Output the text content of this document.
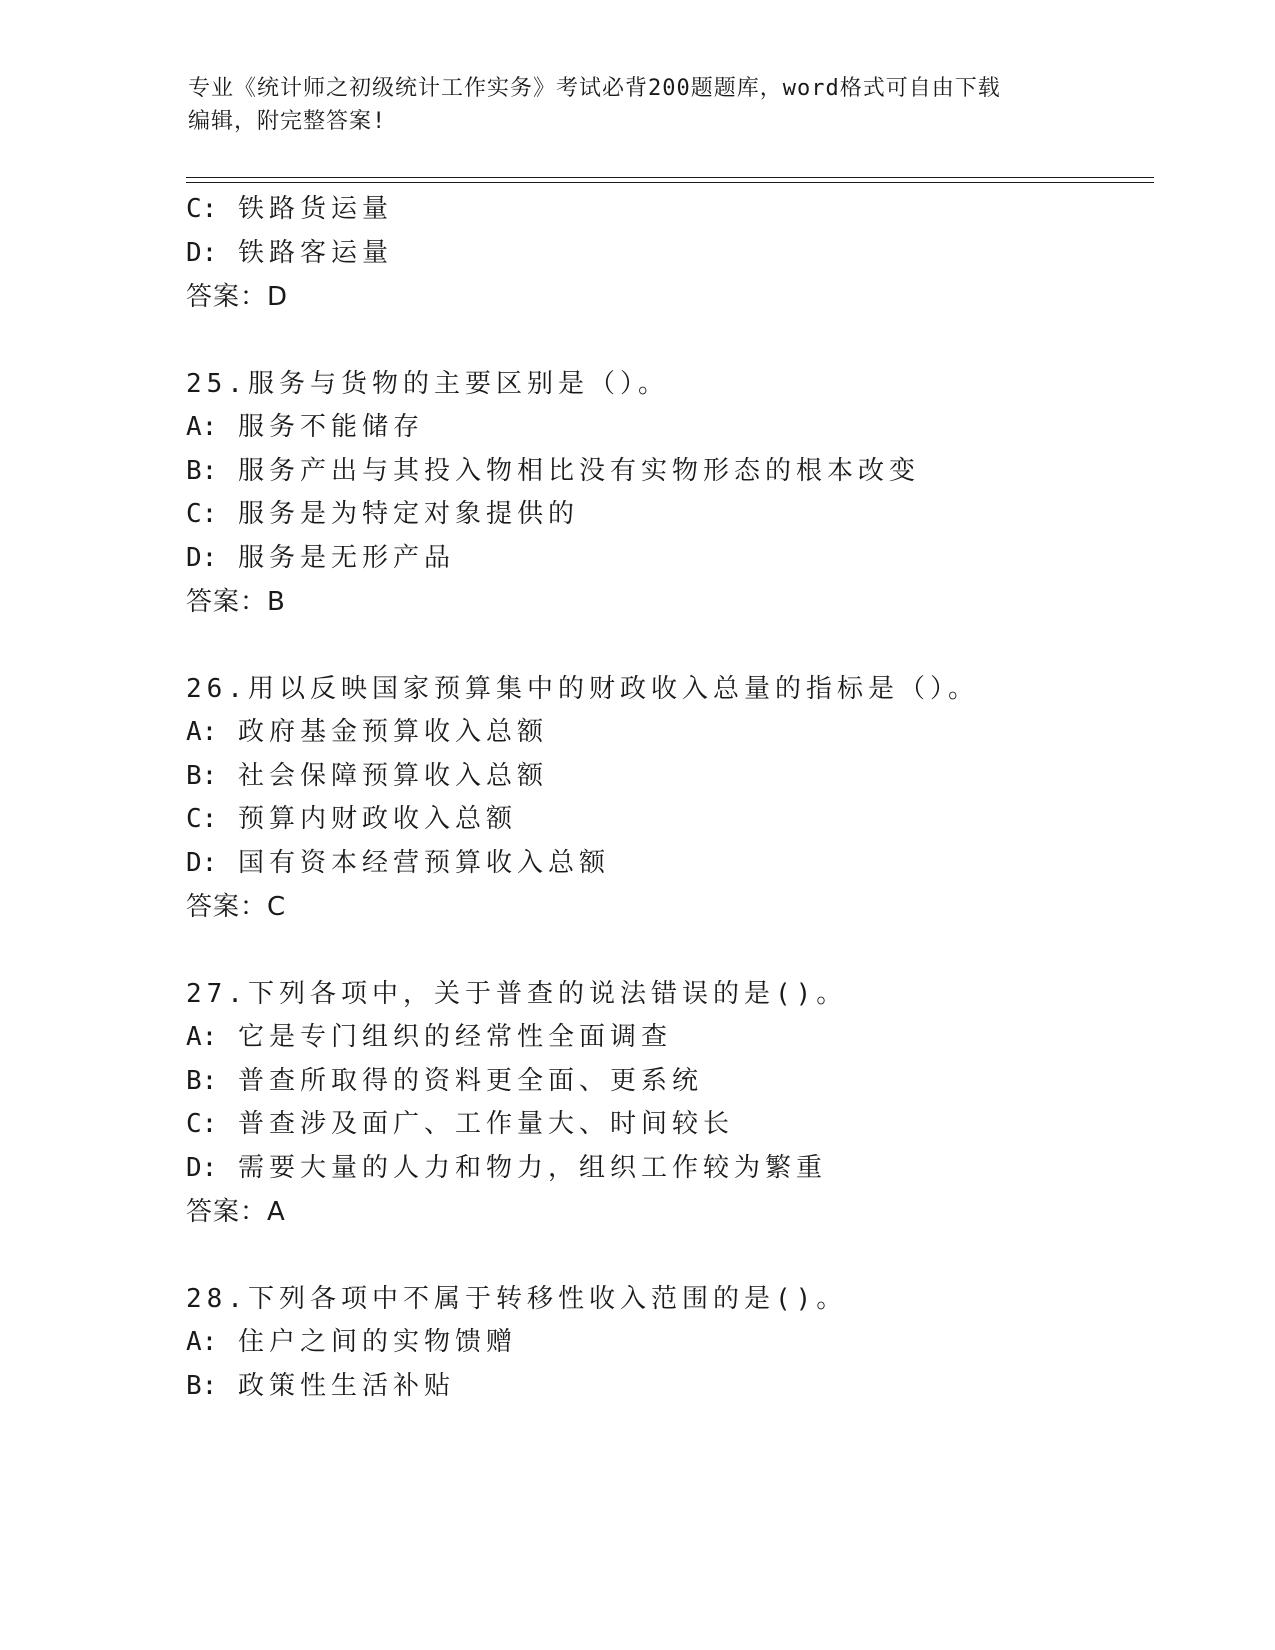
专业《统计师之初级统计工作实务》考试必背200题题库，word格式可自由下载
编辑，附完整答案!
C: 铁路货运量
D: 铁路客运量
答案：D
25.服务与货物的主要区别是（）。
A: 服务不能储存
B: 服务产出与其投入物相比没有实物形态的根本改变
C: 服务是为特定对象提供的
D: 服务是无形产品
答案：B
26.用以反映国家预算集中的财政收入总量的指标是（）。
A: 政府基金预算收入总额
B: 社会保障预算收入总额
C: 预算内财政收入总额
D: 国有资本经营预算收入总额
答案：C
27.下列各项中，关于普查的说法错误的是()。
A: 它是专门组织的经常性全面调查
B: 普查所取得的资料更全面、更系统
C: 普查涉及面广、工作量大、时间较长
D: 需要大量的人力和物力，组织工作较为繁重
答案：A
28.下列各项中不属于转移性收入范围的是()。
A: 住户之间的实物馈赠
B: 政策性生活补贴
